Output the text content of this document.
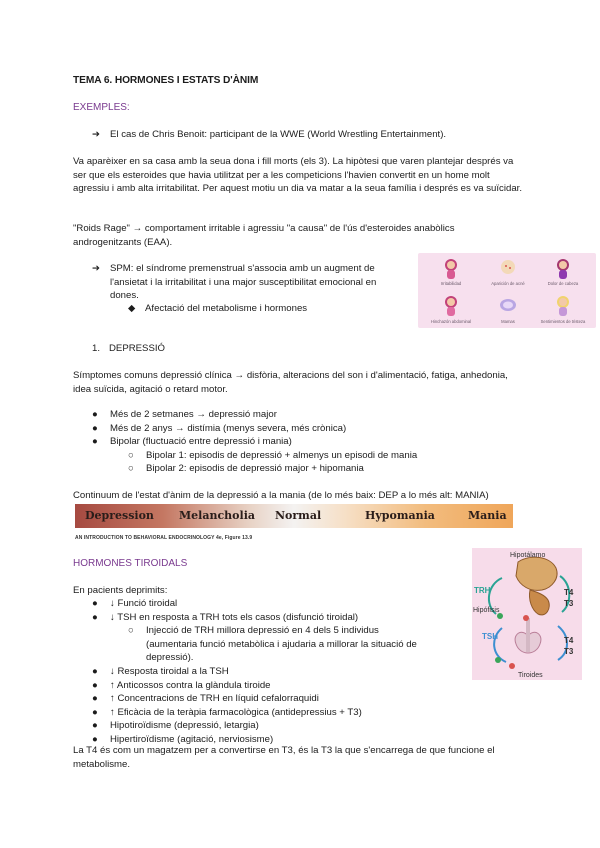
TEMA 6. HORMONES I ESTATS D'ÀNIM
EXEMPLES:
➔	El cas de Chris Benoit: participant de la WWE (World Wrestling Entertainment).
Va aparèixer en sa casa amb la seua dona i fill morts (els 3). La hipòtesi que varen plantejar després va ser que els esteroides que havia utilitzat per a les competicions l'havien convertit en un home molt agressiu i amb alta irritabilitat. Per aquest motiu un dia va matar a la seua família i després es va suïcidar.
"Roids Rage" → comportament irritable i agressiu "a causa" de l'ús d'esteroides anabòlics androgenitzants (EAA).
➔	SPM: el síndrome premenstrual s'associa amb un augment de l'ansietat i la irritabilitat i una major susceptibilitat emocional en dones.
◆	Afectació del metabolisme i hormones
Irritabilidad	Aparición de acné	Dolor de cabeza
Hinchazón abdominal	Mamas	Sentimientos de tristeza
1. DEPRESSIÓ
Símptomes comuns depressió clínica → disfòria, alteracions del son i d'alimentació, fatiga, anhedonia, idea suïcida, agitació o retard motor.
●	Més de 2 setmanes → depressió major
●	Més de 2 anys → distímia (menys severa, més crònica)
●	Bipolar (fluctuació entre depressió i mania)
○	Bipolar 1: episodis de depressió + almenys un episodi de mania
○	Bipolar 2: episodis de depressió major + hipomania
Continuum de l'estat d'ànim de la depressió a la mania (de lo més baix: DEP a lo més alt: MANIA)
Depression Melancholia Normal	Hypomania	Mania
AN INTRODUCTION TO BEHAVIORAL ENDOCRINOLOGY 4e, Figure 13.9
HORMONES TIROIDALS
En pacients deprimits:
●	↓ Funció tiroidal
●	↓ TSH en resposta a TRH tots els casos (disfunció tiroidal)
○	Injecció de TRH millora depressió en 4 dels 5 individus (aumentaria funció metabòlica i ajudaria a millorar la situació de depressió).
●	↓ Resposta tiroidal a la TSH
●	↑ Anticossos contra la glàndula tiroide
●	↑ Concentracions de TRH en líquid cefalorraquidi
●	↑ Eficàcia de la teràpia farmacològica (antidepressius + T3)
●	Hipotiroïdisme (depressió, letargia)
●	Hipertiroïdisme (agitació, nerviosisme)
La T4 és com un magatzem per a convertirse en T3, és la T3 la que s'encarrega de que funcione el metabolisme.
Hipotálamo
TRH
Hipófisis
T4
T3
TSH	T4
T3
Tiroides
